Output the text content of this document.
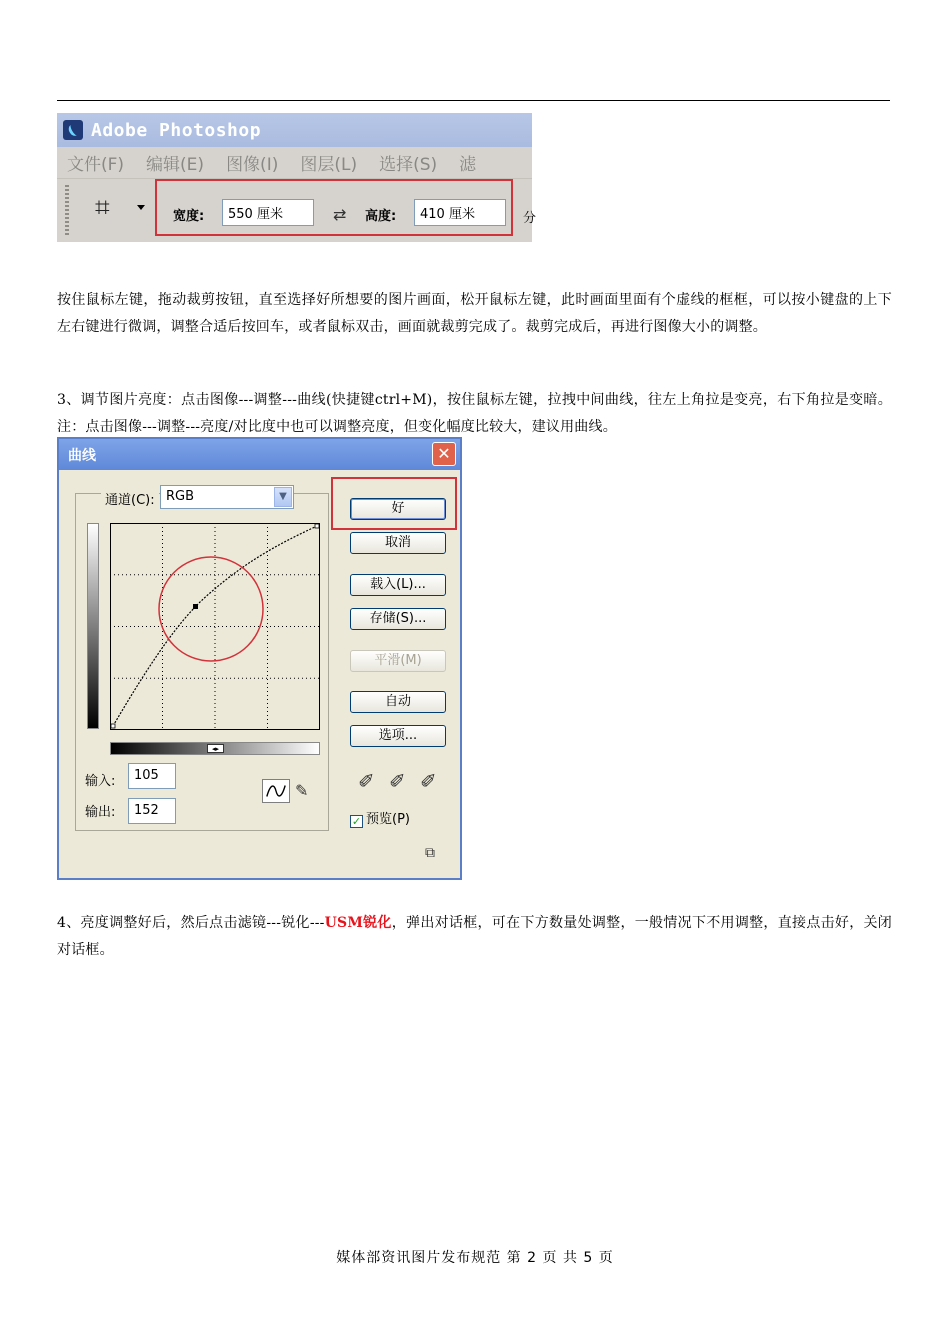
Adobe Photoshop
文件(F) 编辑(E) 图像(I) 图层(L) 选择(S) 滤
⌗	宽度:	550 厘米	⇄ 高度:	410 厘米	分

按住鼠标左键，拖动裁剪按钮，直至选择好所想要的图片画面，松开鼠标左键，此时画面里面有个虚线的框框，可以按小键盘的上下左右键进行微调，调整合适后按回车，或者鼠标双击，画面就裁剪完成了。裁剪完成后，再进行图像大小的调整。

3、调节图片亮度：点击图像---调整---曲线(快捷键ctrl+M)，按住鼠标左键，拉拽中间曲线，往左上角拉是变亮，右下角拉是变暗。注：点击图像---调整---亮度/对比度中也可以调整亮度，但变化幅度比较大，建议用曲线。

曲线	✕
通道(C): RGB	▼
◂▸
输入:	105
输出:	152
✎
好
取消
载入(L)...
存储(S)...
平滑(M)
自动
选项...
✐ ✐ ✐
✓ 预览(P)
⧉

4、亮度调整好后，然后点击滤镜---锐化---USM锐化，弹出对话框，可在下方数量处调整，一般情况下不用调整，直接点击好，关闭对话框。

媒体部资讯图片发布规范 第 2 页 共 5 页
